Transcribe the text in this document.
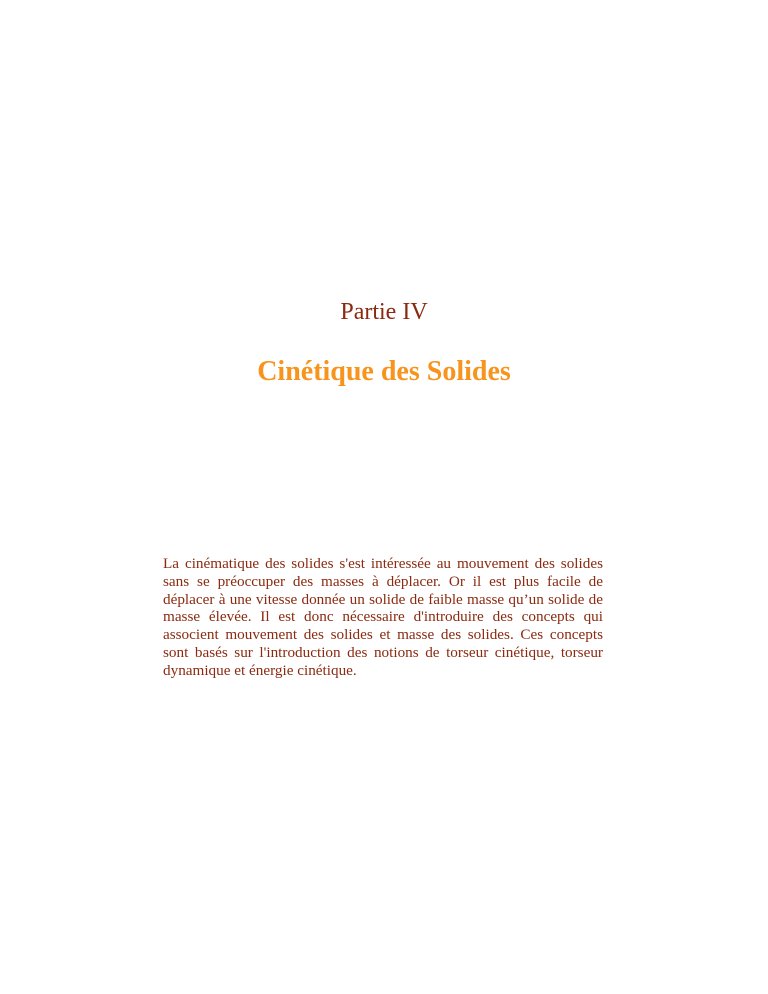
Partie IV
Cinétique des Solides

La cinématique des solides s'est intéressée au mouvement des solides sans se préoccuper des masses à déplacer. Or il est plus facile de déplacer à une vitesse donnée un solide de faible masse qu’un solide de masse élevée. Il est donc nécessaire d'introduire des concepts qui associent mouvement des solides et masse des solides. Ces concepts sont basés sur l'introduction des notions de torseur cinétique, torseur dynamique et énergie cinétique.
